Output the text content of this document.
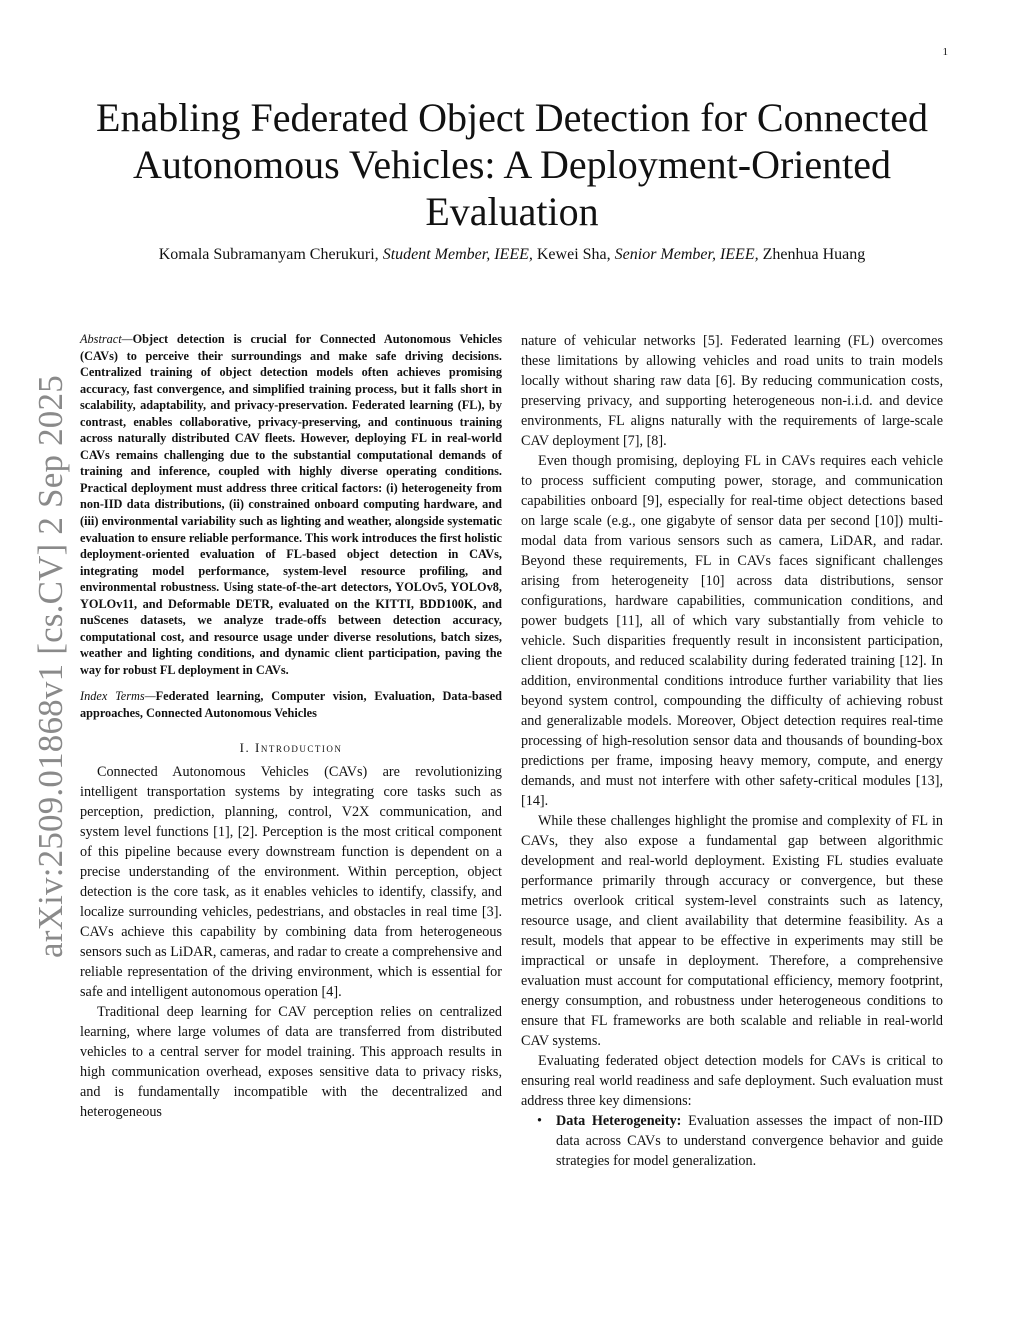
1
arXiv:2509.01868v1 [cs.CV] 2 Sep 2025
Enabling Federated Object Detection for Connected Autonomous Vehicles: A Deployment-Oriented Evaluation
Komala Subramanyam Cherukuri, Student Member, IEEE, Kewei Sha, Senior Member, IEEE, Zhenhua Huang

Abstract—Object detection is crucial for Connected Autonomous Vehicles (CAVs) to perceive their surroundings and make safe driving decisions. Centralized training of object detection models often achieves promising accuracy, fast convergence, and simplified training process, but it falls short in scalability, adaptability, and privacy-preservation. Federated learning (FL), by contrast, enables collaborative, privacy-preserving, and continuous training across naturally distributed CAV fleets. However, deploying FL in real-world CAVs remains challenging due to the substantial computational demands of training and inference, coupled with highly diverse operating conditions. Practical deployment must address three critical factors: (i) heterogeneity from non-IID data distributions, (ii) constrained onboard computing hardware, and (iii) environmental variability such as lighting and weather, alongside systematic evaluation to ensure reliable performance. This work introduces the first holistic deployment-oriented evaluation of FL-based object detection in CAVs, integrating model performance, system-level resource profiling, and environmental robustness. Using state-of-the-art detectors, YOLOv5, YOLOv8, YOLOv11, and Deformable DETR, evaluated on the KITTI, BDD100K, and nuScenes datasets, we analyze trade-offs between detection accuracy, computational cost, and resource usage under diverse resolutions, batch sizes, weather and lighting conditions, and dynamic client participation, paving the way for robust FL deployment in CAVs.

Index Terms—Federated learning, Computer vision, Evaluation, Data-based approaches, Connected Autonomous Vehicles

I. Introduction

Connected Autonomous Vehicles (CAVs) are revolutionizing intelligent transportation systems by integrating core tasks such as perception, prediction, planning, control, V2X communication, and system level functions [1], [2]. Perception is the most critical component of this pipeline because every downstream function is dependent on a precise understanding of the environment. Within perception, object detection is the core task, as it enables vehicles to identify, classify, and localize surrounding vehicles, pedestrians, and obstacles in real time [3]. CAVs achieve this capability by combining data from heterogeneous sensors such as LiDAR, cameras, and radar to create a comprehensive and reliable representation of the driving environment, which is essential for safe and intelligent autonomous operation [4].

Traditional deep learning for CAV perception relies on centralized learning, where large volumes of data are transferred from distributed vehicles to a central server for model training. This approach results in high communication overhead, exposes sensitive data to privacy risks, and is fundamentally incompatible with the decentralized and heterogeneous

nature of vehicular networks [5]. Federated learning (FL) overcomes these limitations by allowing vehicles and road units to train models locally without sharing raw data [6]. By reducing communication costs, preserving privacy, and supporting heterogeneous non-i.i.d. and device environments, FL aligns naturally with the requirements of large-scale CAV deployment [7], [8].

Even though promising, deploying FL in CAVs requires each vehicle to process sufficient computing power, storage, and communication capabilities onboard [9], especially for real-time object detections based on large scale (e.g., one gigabyte of sensor data per second [10]) multi-modal data from various sensors such as camera, LiDAR, and radar. Beyond these requirements, FL in CAVs faces significant challenges arising from heterogeneity [10] across data distributions, sensor configurations, hardware capabilities, communication conditions, and power budgets [11], all of which vary substantially from vehicle to vehicle. Such disparities frequently result in inconsistent participation, client dropouts, and reduced scalability during federated training [12]. In addition, environmental conditions introduce further variability that lies beyond system control, compounding the difficulty of achieving robust and generalizable models. Moreover, Object detection requires real-time processing of high-resolution sensor data and thousands of bounding-box predictions per frame, imposing heavy memory, compute, and energy demands, and must not interfere with other safety-critical modules [13], [14].

While these challenges highlight the promise and complexity of FL in CAVs, they also expose a fundamental gap between algorithmic development and real-world deployment. Existing FL studies evaluate performance primarily through accuracy or convergence, but these metrics overlook critical system-level constraints such as latency, resource usage, and client availability that determine feasibility. As a result, models that appear to be effective in experiments may still be impractical or unsafe in deployment. Therefore, a comprehensive evaluation must account for computational efficiency, memory footprint, energy consumption, and robustness under heterogeneous conditions to ensure that FL frameworks are both scalable and reliable in real-world CAV systems.

Evaluating federated object detection models for CAVs is critical to ensuring real world readiness and safe deployment. Such evaluation must address three key dimensions:

• Data Heterogeneity: Evaluation assesses the impact of non-IID data across CAVs to understand convergence behavior and guide strategies for model generalization.
